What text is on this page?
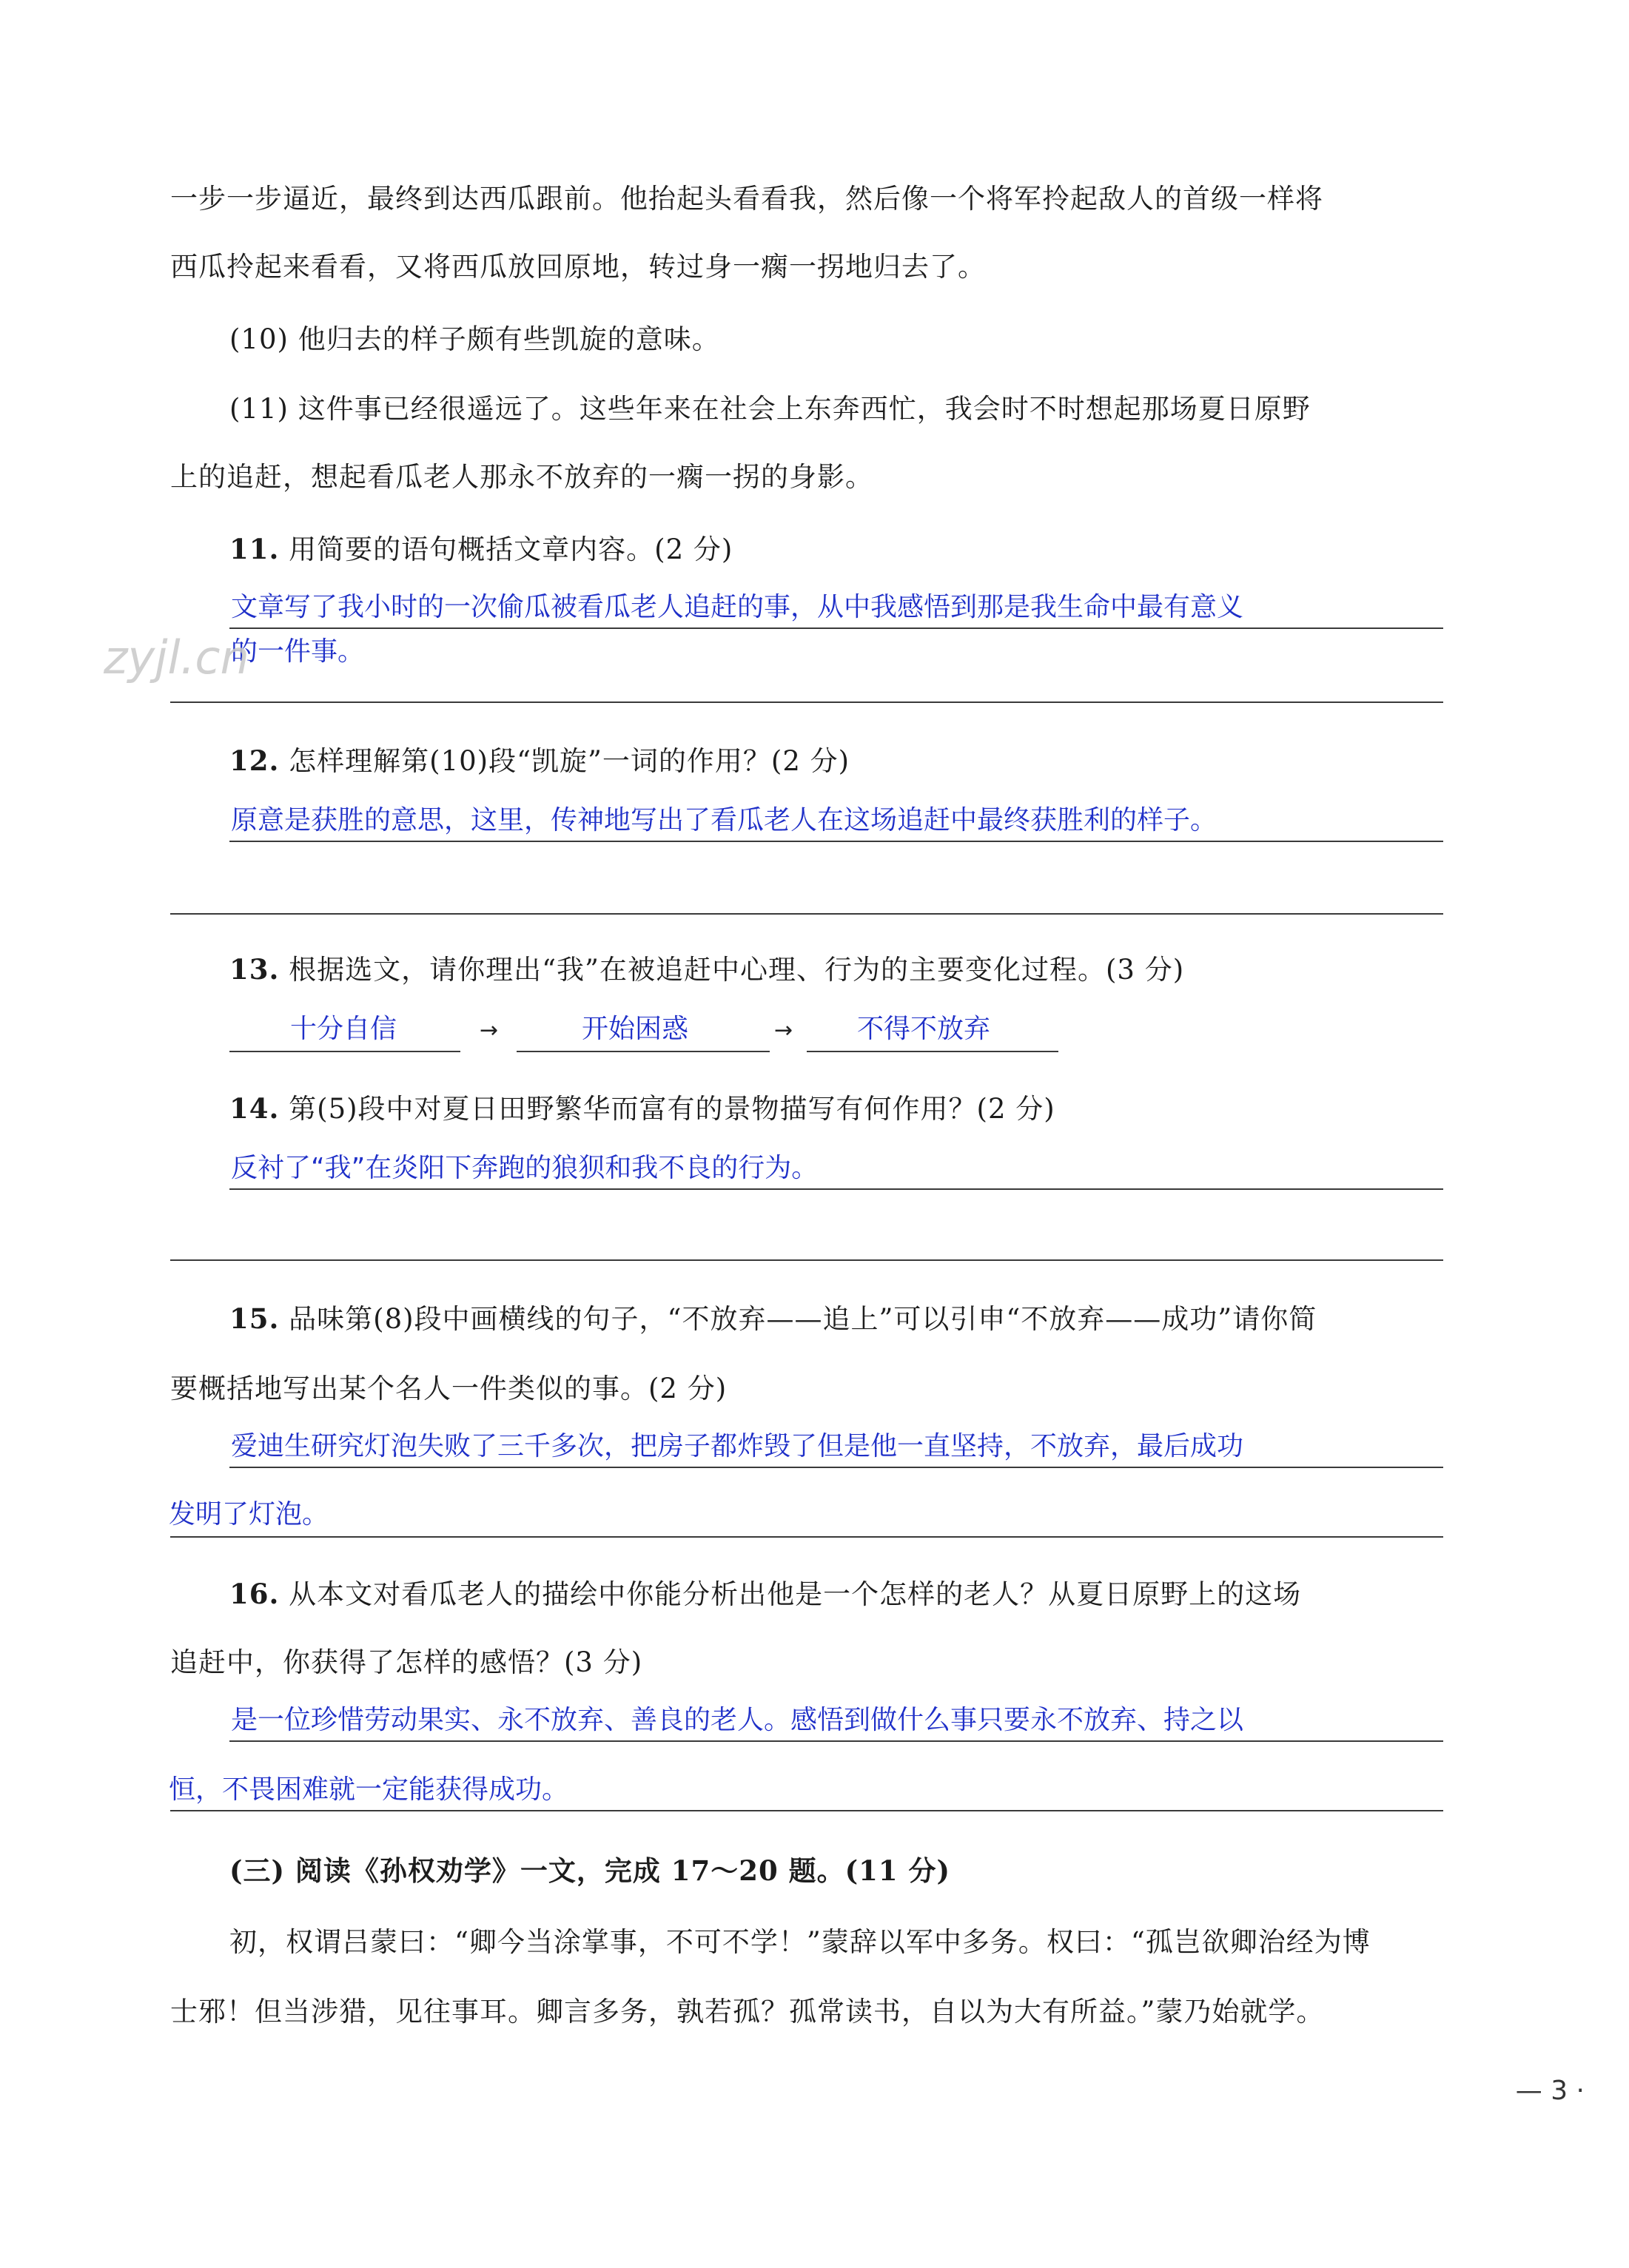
一步一步逼近，最终到达西瓜跟前。他抬起头看看我，然后像一个将军拎起敌人的首级一样将
西瓜拎起来看看，又将西瓜放回原地，转过身一瘸一拐地归去了。
(10) 他归去的样子颇有些凯旋的意味。
(11) 这件事已经很遥远了。这些年来在社会上东奔西忙，我会时不时想起那场夏日原野
上的追赶，想起看瓜老人那永不放弃的一瘸一拐的身影。
11. 用简要的语句概括文章内容。(2 分)
文章写了我小时的一次偷瓜被看瓜老人追赶的事，从中我感悟到那是我生命中最有意义
的一件事。
zyjl.cn
12. 怎样理解第(10)段“凯旋”一词的作用？(2 分)
原意是获胜的意思，这里，传神地写出了看瓜老人在这场追赶中最终获胜利的样子。
13. 根据选文，请你理出“我”在被追赶中心理、行为的主要变化过程。(3 分)
十分自信	→	开始困惑	→ 不得不放弃
14. 第(5)段中对夏日田野繁华而富有的景物描写有何作用？(2 分)
反衬了“我”在炎阳下奔跑的狼狈和我不良的行为。
15. 品味第(8)段中画横线的句子，“不放弃——追上”可以引申“不放弃——成功”请你简
要概括地写出某个名人一件类似的事。(2 分)
爱迪生研究灯泡失败了三千多次，把房子都炸毁了但是他一直坚持，不放弃，最后成功
发明了灯泡。
16. 从本文对看瓜老人的描绘中你能分析出他是一个怎样的老人？从夏日原野上的这场
追赶中，你获得了怎样的感悟？(3 分)
是一位珍惜劳动果实、永不放弃、善良的老人。感悟到做什么事只要永不放弃、持之以
恒，不畏困难就一定能获得成功。
(三) 阅读《孙权劝学》一文，完成 17～20 题。(11 分)
初，权谓吕蒙曰：“卿今当涂掌事，不可不学！”蒙辞以军中多务。权曰：“孤岂欲卿治经为博
士邪！但当涉猎，见往事耳。卿言多务，孰若孤？孤常读书，自以为大有所益。”蒙乃始就学。
— 3 ·
